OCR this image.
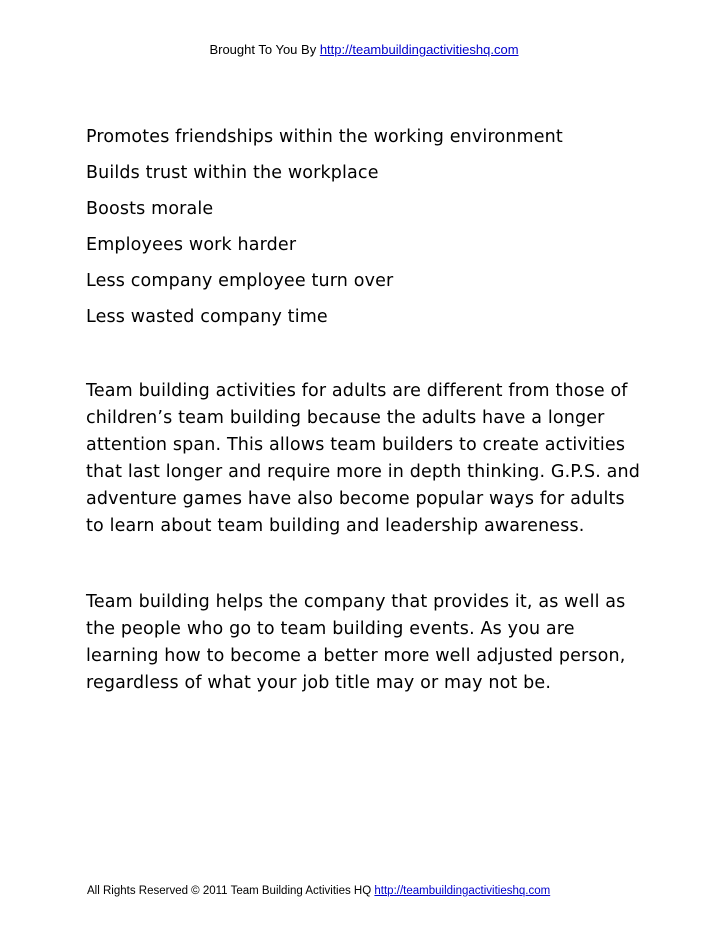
Brought To You By http://teambuildingactivitieshq.com
Promotes friendships within the working environment
Builds trust within the workplace
Boosts morale
Employees work harder
Less company employee turn over
Less wasted company time

Team building activities for adults are different from those of children’s team building because the adults have a longer attention span. This allows team builders to create activities that last longer and require more in depth thinking. G.P.S. and adventure games have also become popular ways for adults to learn about team building and leadership awareness.

Team building helps the company that provides it, as well as the people who go to team building events. As you are learning how to become a better more well adjusted person, regardless of what your job title may or may not be.

All Rights Reserved © 2011 Team Building Activities HQ http://teambuildingactivitieshq.com
